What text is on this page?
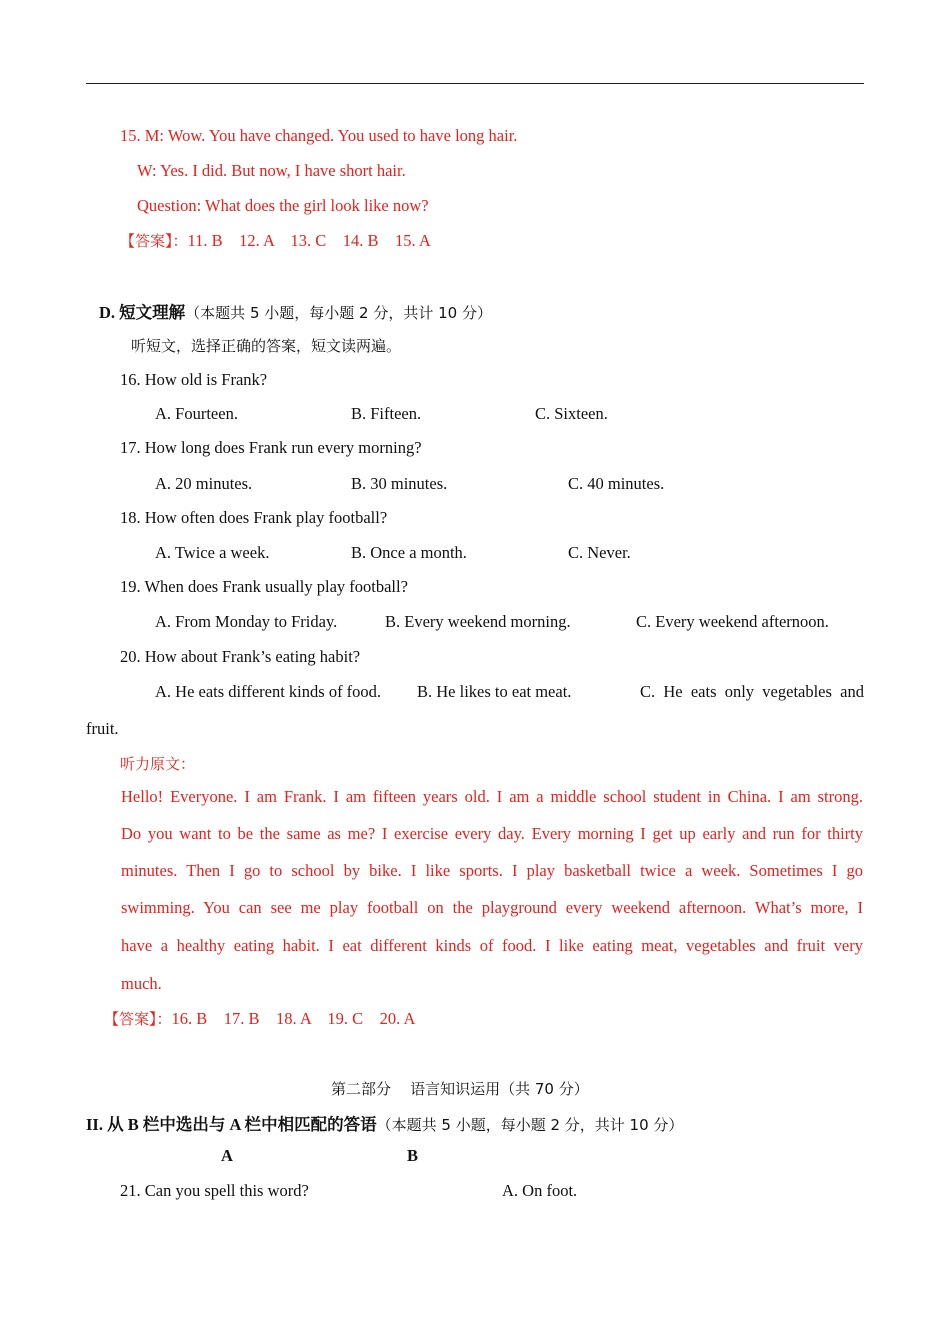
15. M: Wow. You have changed. You used to have long hair.
W: Yes. I did. But now, I have short hair.
Question: What does the girl look like now?
【答案】：11. B    12. A    13. C    14. B    15. A
D. 短文理解（本题共 5 小题，每小题 2 分，共计 10 分）
听短文，选择正确的答案，短文读两遍。
16. How old is Frank?
A. Fourteen.	B. Fifteen.	C. Sixteen.
17. How long does Frank run every morning?
A. 20 minutes.	B. 30 minutes.	C. 40 minutes.
18. How often does Frank play football?
A. Twice a week.	B. Once a month.	C. Never.
19. When does Frank usually play football?
A. From Monday to Friday.	B. Every weekend morning.	C. Every weekend afternoon.
20. How about Frank’s eating habit?
A. He eats different kinds of food. B. He likes to eat meat.	C. He eats only vegetables and
fruit.
听力原文：
Hello! Everyone. I am Frank. I am fifteen years old. I am a middle school student in China. I am strong.
Do you want to be the same as me? I exercise every day. Every morning I get up early and run for thirty
minutes. Then I go to school by bike. I like sports. I play basketball twice a week. Sometimes I go
swimming. You can see me play football on the playground every weekend afternoon. What’s more, I
have a healthy eating habit. I eat different kinds of food. I like eating meat, vegetables and fruit very
much.
【答案】：16. B    17. B    18. A    19. C    20. A
第二部分    语言知识运用（共 70 分）
II. 从 B 栏中选出与 A 栏中相匹配的答语（本题共 5 小题，每小题 2 分，共计 10 分）
A	B
21. Can you spell this word?	A. On foot.
